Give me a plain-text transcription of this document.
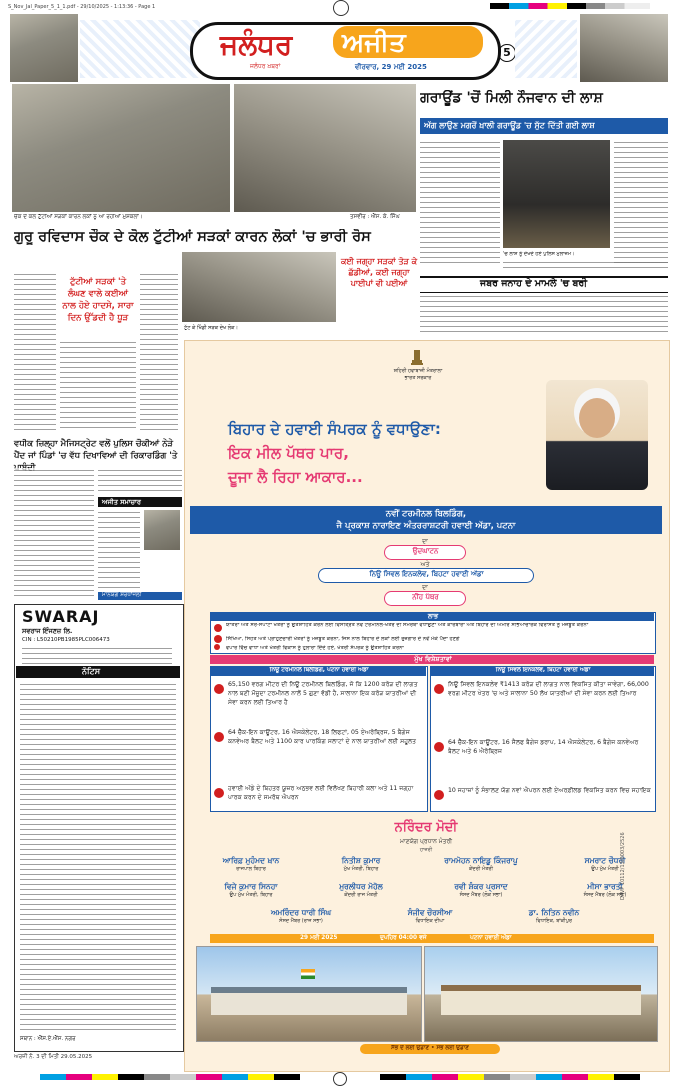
S_Nov_Jal_Paper_5_1_1.pdf - 29/10/2025 - 1:13:36 - Page 1
ਜਲੰਧਰ	ਅਜੀਤ
ਜਲੰਧਰ ਖ਼ਬਰਾਂ	ਵੀਰਵਾਰ, 29 ਮਈ 2025
5
ਚੌਕ ਦੇ ਕੋਲ ਟੁੱਟੀਆਂ ਸੜਕਾਂ ਕਾਰਨ ਲੋਕਾਂ ਨੂੰ ਆ ਰਹੀਆਂ ਮੁਸ਼ਕਲਾਂ।	ਤਸਵੀਰ : ਐੱਸ. ਕੇ. ਸਿੰਘ
ਗਰਾਊਂਡ 'ਚੋਂ ਮਿਲੀ ਨੌਜਵਾਨ ਦੀ ਲਾਸ਼
ਅੱਗ ਲਾਉਣ ਮਗਰੋਂ ਖ਼ਾਲੀ ਗਰਾਊਂਡ 'ਚ ਸੁੱਟ ਦਿੱਤੀ ਗਈ ਲਾਸ਼
'ਚ ਲਾਸ਼ ਨੂੰ ਦੇਖਦੇ ਹੋਏ ਪੁਲਿਸ ਮੁਲਾਜ਼ਮ।
ਗੁਰੂ ਰਵਿਦਾਸ ਚੌਕ ਦੇ ਕੋਲ ਟੁੱਟੀਆਂ ਸੜਕਾਂ ਕਾਰਨ ਲੋਕਾਂ 'ਚ ਭਾਰੀ ਰੋਸ
ਟੁੱਟੀਆਂ ਸੜਕਾਂ 'ਤੇ ਲੰਘਣ ਵਾਲੇ ਕਈਆਂ ਨਾਲ ਹੋਏ ਹਾਦਸੇ, ਸਾਰਾ ਦਿਨ ਉੱਡਦੀ ਹੈ ਧੂੜ
ਟੁੱਟ ਕੇ ਖਿੰਡੀ ਸੜਕ ਦੇਖ ਲੋਕ।
ਕਈ ਜਗ੍ਹਾ ਸੜਕਾਂ ਤੋੜ ਕੇ ਛੱਡੀਆਂ, ਕਈ ਜਗ੍ਹਾ ਪਾਈਪਾਂ ਵੀ ਪਈਆਂ	ਜਬਰ ਜਨਾਹ ਦੇ ਮਾਮਲੇ 'ਚ ਬਰੀ
ਵਧੀਕ ਜ਼ਿਲ੍ਹਾ ਮੈਜਿਸਟ੍ਰੇਟ ਵਲੋਂ ਪੁਲਿਸ ਚੌਕੀਆਂ ਨੇੜੇ ਪੈਂਦ ਜਾਂ ਪਿੰਡਾਂ 'ਚ ਵੱਧ ਦਿਖਾਵਿਆਂ ਦੀ ਰਿਕਾਰਡਿੰਗ 'ਤੇ
ਅਜੀਤ ਸਮਾਚਾਰ
ਮਾਨਯੋਗ ਸ਼ਰਧਾਂਜਲੀ
SWARAJ
ਸਵਰਾਜ ਇੰਜਣਜ਼ ਲਿ.
CIN : L50210PB1985PLC006473
ਨੋਟਿਸ
ਸਥਾਨ : ਐੱਸ.ਏ.ਐੱਸ. ਨਗਰ
ਅਰਜ਼ੀ ਨੰ. 3 ਦੀ ਮਿਤੀ 29.05.2025
ਸ਼ਹਿਰੀ ਹਵਾਬਾਜ਼ੀ ਮੰਤਰਾਲਾ
ਭਾਰਤ ਸਰਕਾਰ
ਬਿਹਾਰ ਦੇ ਹਵਾਈ ਸੰਪਰਕ ਨੂੰ ਵਧਾਉਣਾ:
ਇਕ ਮੀਲ ਪੱਥਰ ਪਾਰ,
ਦੂਜਾ ਲੈ ਰਿਹਾ ਆਕਾਰ...
ਨਵੀਂ ਟਰਮੀਨਲ ਬਿਲਡਿੰਗ,
ਜੈ ਪ੍ਰਕਾਸ਼ ਨਾਰਾਇਣ ਅੰਤਰਰਾਸ਼ਟਰੀ ਹਵਾਈ ਅੱਡਾ, ਪਟਨਾ
ਦਾ
ਉਦਘਾਟਨ
ਅਤੇ
ਨਿਊ ਸਿਵਲ ਇਨਕਲੇਵ, ਬਿਹਟਾ ਹਵਾਈ ਅੱਡਾ
ਦਾ
ਨੀਂਹ ਪੱਥਰ
ਲਾਭ
ਯਾਤਰਾ ਅਤੇ ਸੈਰ-ਸਪਾਟਾ ਖੇਤਰਾਂ ਨੂੰ ਉਤਸ਼ਾਹਿਤ ਕਰਨ ਲਈ ਵਿਸਤ੍ਰਿਤ ਨਵੇਂ ਟਰਮੀਨਲ-ਖੇਤਰ ਦੀ ਸਮਰੱਥਾ ਵਧਾਉਣਾ ਅਤੇ ਕਾਰੋਬਾਰਾਂ ਅਤੇ ਬਿਹਾਰ ਦੀ ਅਮੀਰ ਸੱਭਿਆਚਾਰਕ ਵਿਰਾਸਤ ਨੂੰ ਮਜ਼ਬੂਤ ਕਰਨਾ
ਸਿੱਖਿਆ, ਸਿਹਤ ਅਤੇ ਪ੍ਰਾਹੁਣਚਾਰੀ ਖੇਤਰਾਂ ਨੂੰ ਮਜ਼ਬੂਤ ਕਰਨਾ, ਜਿਸ ਨਾਲ ਬਿਹਾਰ ਦੇ ਲੋਕਾਂ ਲਈ ਰੁਜ਼ਗਾਰ ਦੇ ਨਵੇਂ ਮੌਕੇ ਪੈਦਾ ਹੋਣਗੇ
ਵਪਾਰ ਵਿੱਚ ਵਾਧਾ ਅਤੇ ਖੇਤਰੀ ਵਿਕਾਸ ਨੂੰ ਹੁਲਾਰਾ ਦਿੰਦੇ ਹੋਏ, ਖੇਤਰੀ ਸੰਪਰਕ ਨੂੰ ਉਤਸ਼ਾਹਿਤ ਕਰਨਾ
ਮੁੱਖ ਵਿਸ਼ੇਸ਼ਤਾਵਾਂ
ਨਿਊ ਟਰਮੀਨਲ ਬਿਲਡਿੰਗ, ਪਟਨਾ ਹਵਾਈ ਅੱਡਾ
65,150 ਵਰਗ ਮੀਟਰ ਦੀ ਨਿਊ ਟਰਮੀਨਲ ਬਿਲਡਿੰਗ, ਜੋ ਕਿ 1200 ਕਰੋੜ ਦੀ ਲਾਗਤ ਨਾਲ ਬਣੀ ਮੌਜੂਦਾ ਟਰਮੀਨਲ ਨਾਲੋਂ 5 ਗੁਣਾ ਵੱਡੀ ਹੈ, ਸਾਲਾਨਾ ਇਕ ਕਰੋੜ ਯਾਤਰੀਆਂ ਦੀ ਸੇਵਾ ਕਰਨ ਲਈ ਤਿਆਰ ਹੈ
64 ਚੈੱਕ-ਇਨ ਕਾਊਂਟਰ, 16 ਐਸਕੇਲੇਟਰ, 18 ਲਿਫਟਾਂ, 05 ਏਅਰੋਬ੍ਰਿਜ, 5 ਬੈਗੇਜ ਕਨਵੇਅਰ ਬੈਲਟ ਅਤੇ 1100 ਕਾਰ ਪਾਰਕਿੰਗ ਸਲਾਟਾਂ ਦੇ ਨਾਲ ਯਾਤਰੀਆਂ ਲਈ ਸਹੂਲਤ
ਹਵਾਈ ਅੱਡੇ ਦੇ ਬਿਹਤਰ ਯੂਜ਼ਰ ਅਨੁਭਵ ਲਈ ਵਿਲੱਖਣ ਬਿਹਾਰੀ ਕਲਾ ਅਤੇ 11 ਜਗ੍ਹਾ ਪਾਰਕ ਕਰਨ ਦੇ ਸਮਰੱਥ ਐਪਰਨ
ਨਿਊ ਸਿਵਲ ਇਨਕਲੇਵ, ਬਿਹਟਾ ਹਵਾਈ ਅੱਡਾ
ਨਿਊ ਸਿਵਲ ਇਨਕਲੇਵ ₹1413 ਕਰੋੜ ਦੀ ਲਾਗਤ ਨਾਲ ਵਿਕਸਿਤ ਕੀਤਾ ਜਾਵੇਗਾ, 66,000 ਵਰਗ ਮੀਟਰ ਖੇਤਰ 'ਚ ਅਤੇ ਸਾਲਾਨਾ 50 ਲੱਖ ਯਾਤਰੀਆਂ ਦੀ ਸੇਵਾ ਕਰਨ ਲਈ ਤਿਆਰ
64 ਚੈੱਕ-ਇਨ ਕਾਊਂਟਰ, 16 ਸੈਲਫ ਬੈਗੇਜ ਡਰਾਪ, 14 ਐਸਕੇਲੇਟਰ, 6 ਬੈਗੇਜ ਕਨਵੇਅਰ ਬੈਲਟ ਅਤੇ 6 ਐਰੋਬ੍ਰਿਜ
10 ਜਹਾਜ਼ਾਂ ਨੂੰ ਸੰਭਾਲਣ ਯੋਗ ਨਵਾਂ ਐਪਰਨ ਲਈ ਏਅਰਫ਼ੀਲਡ ਵਿਕਸਿਤ ਕਰਨ ਵਿਚ ਸਹਾਇਕ
ਨਰਿੰਦਰ ਮੋਦੀ
ਮਾਣਯੋਗ ਪ੍ਰਧਾਨ ਮੰਤਰੀ
ਹਾਜ਼ਰੀ
ਆਰਿਫ਼ ਮੁਹੰਮਦ ਖ਼ਾਨ
ਰਾਜਪਾਲ ਬਿਹਾਰ
ਨਿਤੀਸ਼ ਕੁਮਾਰ
ਮੁੱਖ ਮੰਤਰੀ, ਬਿਹਾਰ
ਰਾਮਮੋਹਨ ਨਾਇਡੂ ਕਿੰਜਰਾਪੂ
ਕੇਂਦਰੀ ਮੰਤਰੀ
ਸਮਰਾਟ ਚੌਧਰੀ
ਉਪ ਮੁੱਖ ਮੰਤਰੀ
ਵਿਜੇ ਕੁਮਾਰ ਸਿਨਹਾ
ਉਪ ਮੁੱਖ ਮੰਤਰੀ, ਬਿਹਾਰ
ਮੁਰਲੀਧਰ ਮੋਹੋਲ
ਕੇਂਦਰੀ ਰਾਜ ਮੰਤਰੀ
ਰਵੀ ਸ਼ੰਕਰ ਪ੍ਰਸਾਦ
ਸੰਸਦ ਮੈਂਬਰ (ਲੋਕ ਸਭਾ)
ਮੀਸਾ ਭਾਰਤੀ
ਸੰਸਦ ਮੈਂਬਰ (ਲੋਕ ਸਭਾ)
ਅਮਰਿੰਦਰ ਧਾਰੀ ਸਿੰਘ
ਸੰਸਦ ਮੈਂਬਰ (ਰਾਜ ਸਭਾ)
ਸੰਜੀਵ ਚੌਰਸੀਆ
ਵਿਧਾਇਕ ਦੀਘਾ
ਡਾ. ਨਿਤਿਨ ਨਵੀਨ
ਵਿਧਾਇਕ, ਬਾਂਕੀਪੁਰ
29 ਮਈ 2025	ਦੁਪਹਿਰ 04:00 ਵਜੇ	ਪਟਨਾ ਹਵਾਈ ਅੱਡਾ
ਸੱਭ ਦੇ ਲਈ ਉਡਾਣ • ਸਭ ਲਈ ਉਡਾਣ
DAVP 10112/13/0003/2526
